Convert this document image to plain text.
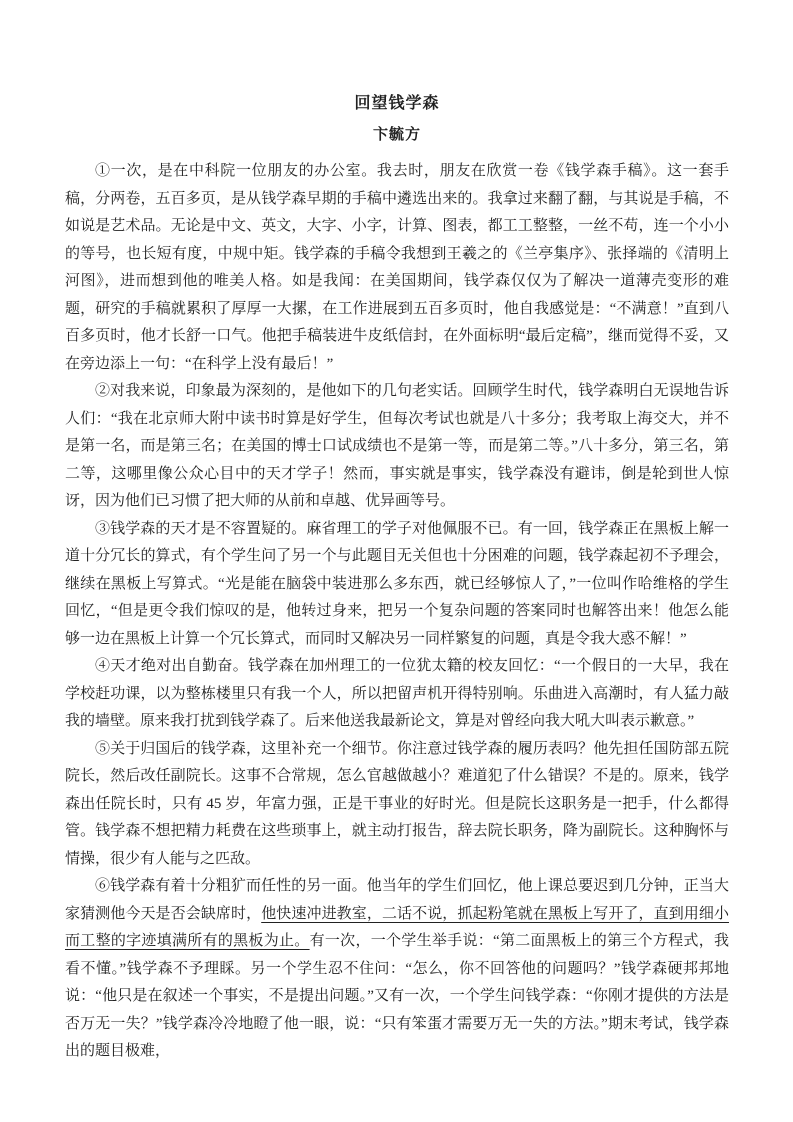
回望钱学森
卞毓方

①一次，是在中科院一位朋友的办公室。我去时，朋友在欣赏一卷《钱学森手稿》。这一套手稿，分两卷，五百多页，是从钱学森早期的手稿中遴选出来的。我拿过来翻了翻，与其说是手稿，不如说是艺术品。无论是中文、英文，大字、小字，计算、图表，都工工整整，一丝不苟，连一个小小的等号，也长短有度，中规中矩。钱学森的手稿令我想到王羲之的《兰亭集序》、张择端的《清明上河图》，进而想到他的唯美人格。如是我闻：在美国期间，钱学森仅仅为了解决一道薄壳变形的难题，研究的手稿就累积了厚厚一大摞，在工作进展到五百多页时，他自我感觉是：“不满意！”直到八百多页时，他才长舒一口气。他把手稿装进牛皮纸信封，在外面标明“最后定稿”，继而觉得不妥，又在旁边添上一句：“在科学上没有最后！”

②对我来说，印象最为深刻的，是他如下的几句老实话。回顾学生时代，钱学森明白无误地告诉人们：“我在北京师大附中读书时算是好学生，但每次考试也就是八十多分；我考取上海交大，并不是第一名，而是第三名；在美国的博士口试成绩也不是第一等，而是第二等。”八十多分，第三名，第二等，这哪里像公众心目中的天才学子！然而，事实就是事实，钱学森没有避讳，倒是轮到世人惊讶，因为他们已习惯了把大师的从前和卓越、优异画等号。

③钱学森的天才是不容置疑的。麻省理工的学子对他佩服不已。有一回，钱学森正在黑板上解一道十分冗长的算式，有个学生问了另一个与此题目无关但也十分困难的问题，钱学森起初不予理会，继续在黑板上写算式。“光是能在脑袋中装进那么多东西，就已经够惊人了，”一位叫作哈维格的学生回忆，“但是更令我们惊叹的是，他转过身来，把另一个复杂问题的答案同时也解答出来！他怎么能够一边在黑板上计算一个冗长算式，而同时又解决另一同样繁复的问题，真是令我大惑不解！”

④天才绝对出自勤奋。钱学森在加州理工的一位犹太籍的校友回忆：“一个假日的一大早，我在学校赶功课，以为整栋楼里只有我一个人，所以把留声机开得特别响。乐曲进入高潮时，有人猛力敲我的墙壁。原来我打扰到钱学森了。后来他送我最新论文，算是对曾经向我大吼大叫表示歉意。”

⑤关于归国后的钱学森，这里补充一个细节。你注意过钱学森的履历表吗？他先担任国防部五院院长，然后改任副院长。这事不合常规，怎么官越做越小？难道犯了什么错误？不是的。原来，钱学森出任院长时，只有 45 岁，年富力强，正是干事业的好时光。但是院长这职务是一把手，什么都得管。钱学森不想把精力耗费在这些琐事上，就主动打报告，辞去院长职务，降为副院长。这种胸怀与情操，很少有人能与之匹敌。

⑥钱学森有着十分粗犷而任性的另一面。他当年的学生们回忆，他上课总要迟到几分钟，正当大家猜测他今天是否会缺席时，他快速冲进教室，二话不说，抓起粉笔就在黑板上写开了，直到用细小而工整的字迹填满所有的黑板为止。有一次，一个学生举手说：“第二面黑板上的第三个方程式，我看不懂。”钱学森不予理睬。另一个学生忍不住问：“怎么，你不回答他的问题吗？”钱学森硬邦邦地说：“他只是在叙述一个事实，不是提出问题。”又有一次，一个学生问钱学森：“你刚才提供的方法是否万无一失？”钱学森冷冷地瞪了他一眼，说：“只有笨蛋才需要万无一失的方法。”期末考试，钱学森出的题目极难，
